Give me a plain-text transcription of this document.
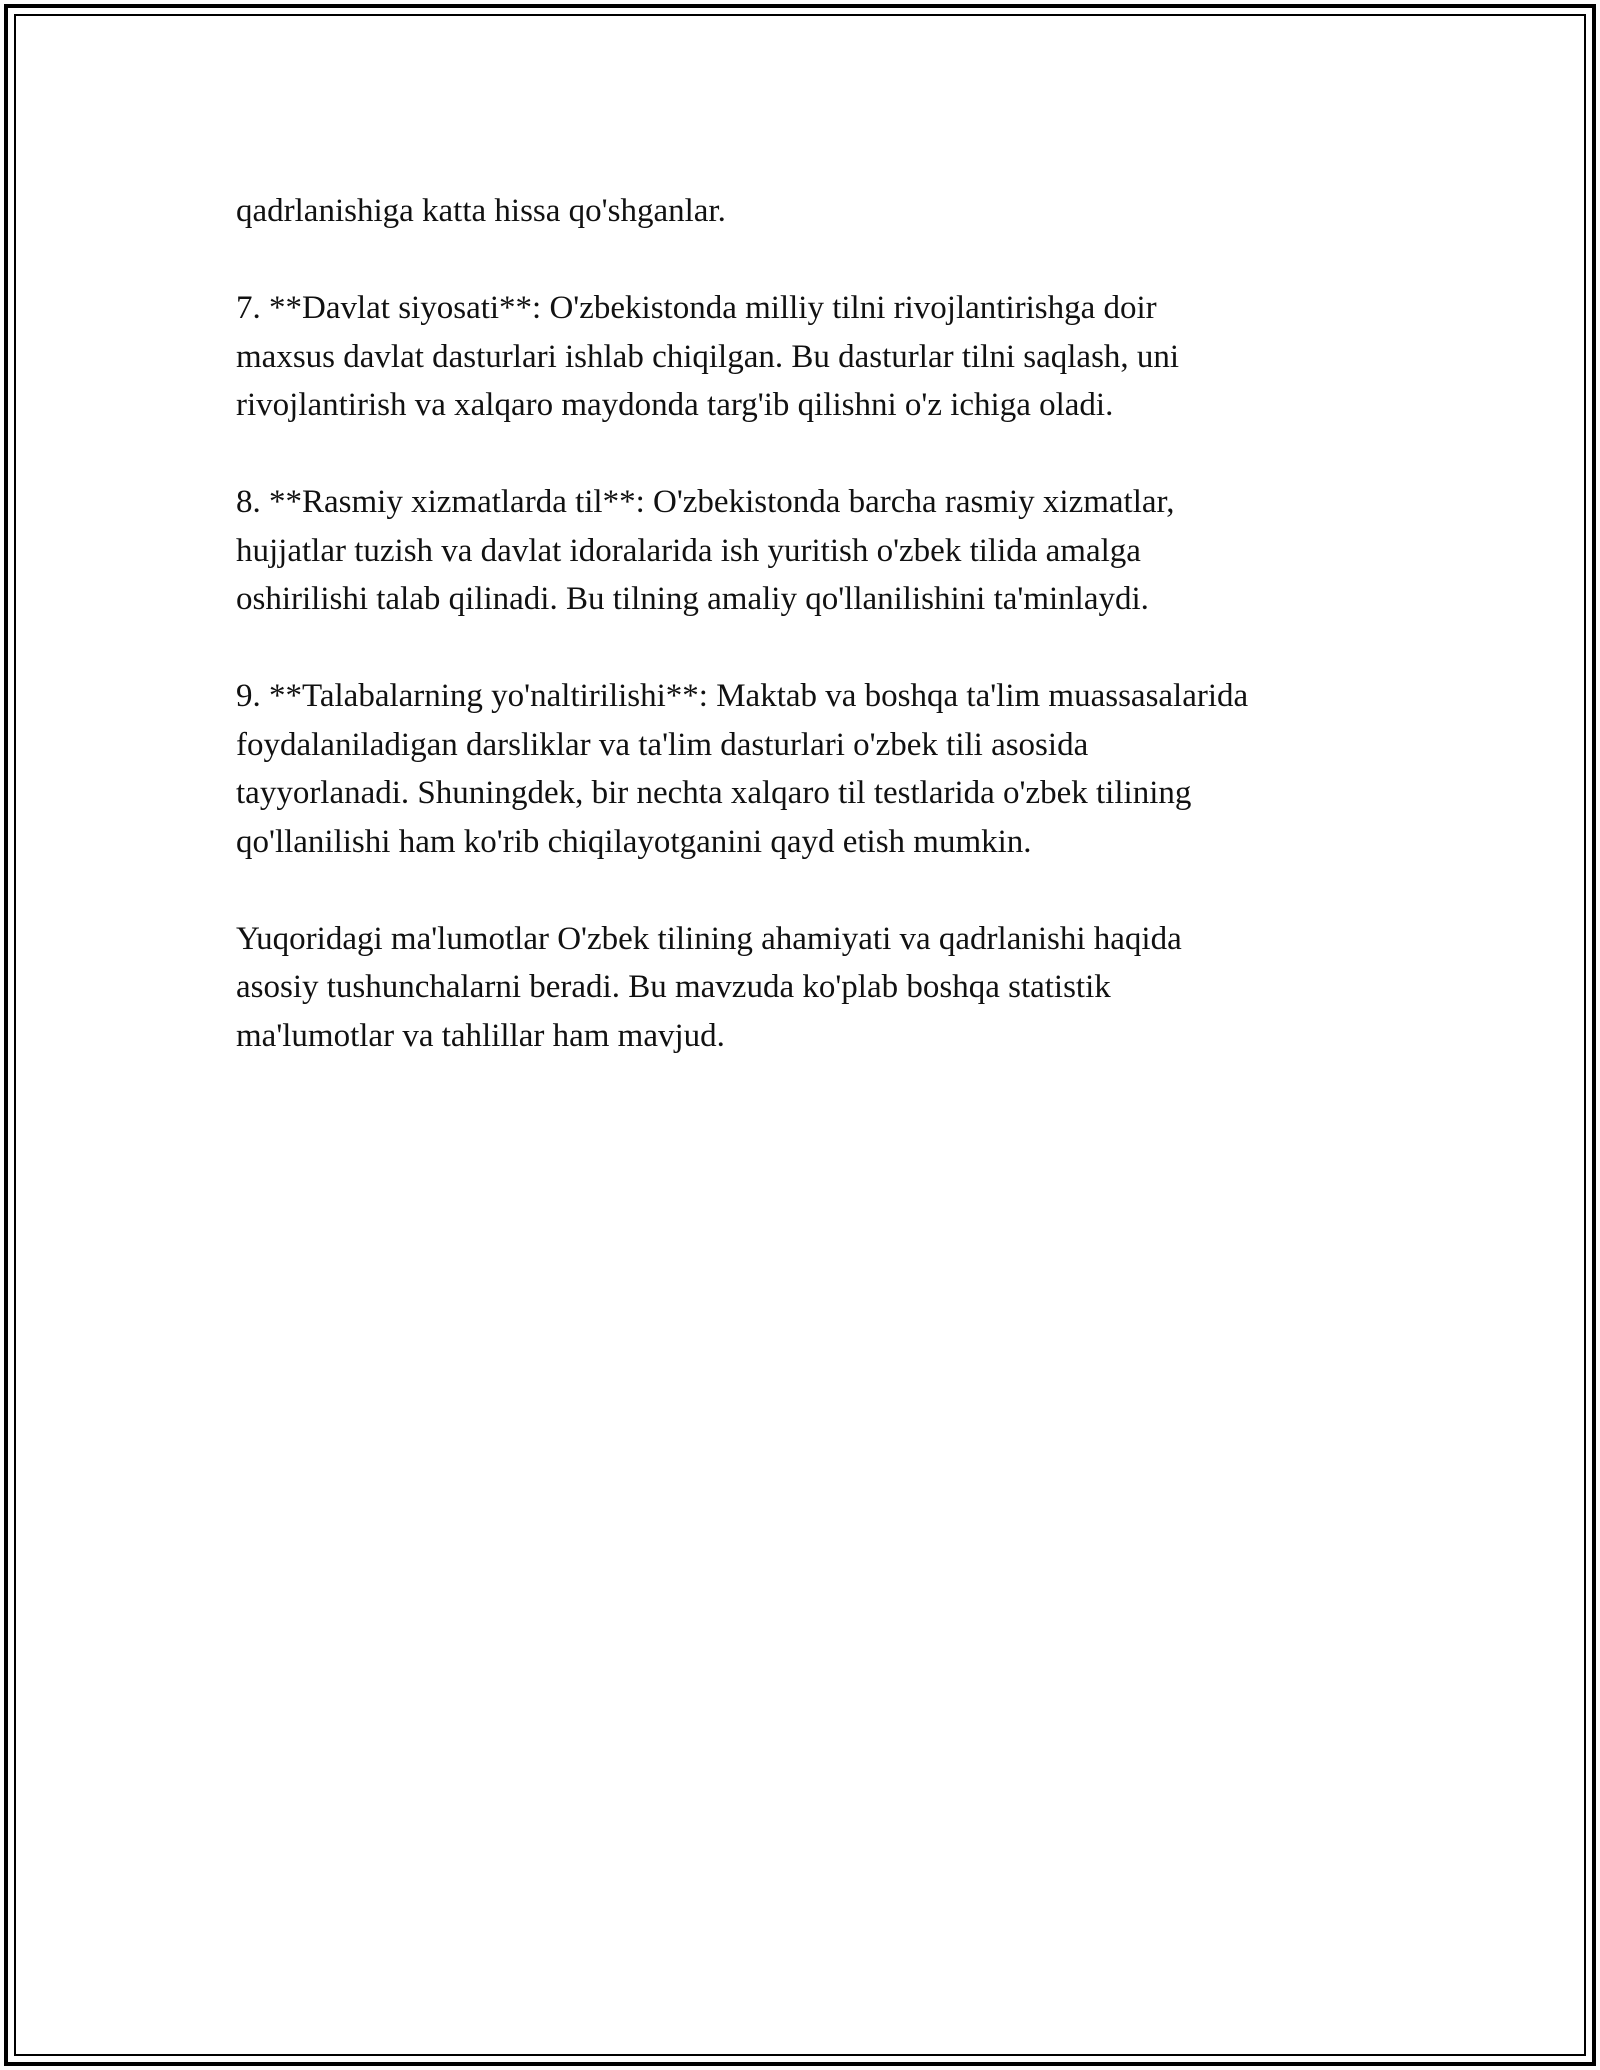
qadrlanishiga katta hissa qo'shganlar.

7. **Davlat siyosati**: O'zbekistonda milliy tilni rivojlantirishga doir
maxsus davlat dasturlari ishlab chiqilgan. Bu dasturlar tilni saqlash, uni
rivojlantirish va xalqaro maydonda targ'ib qilishni o'z ichiga oladi.

8. **Rasmiy xizmatlarda til**: O'zbekistonda barcha rasmiy xizmatlar,
hujjatlar tuzish va davlat idoralarida ish yuritish o'zbek tilida amalga
oshirilishi talab qilinadi. Bu tilning amaliy qo'llanilishini ta'minlaydi.

9. **Talabalarning yo'naltirilishi**: Maktab va boshqa ta'lim muassasalarida
foydalaniladigan darsliklar va ta'lim dasturlari o'zbek tili asosida
tayyorlanadi. Shuningdek, bir nechta xalqaro til testlarida o'zbek tilining
qo'llanilishi ham ko'rib chiqilayotganini qayd etish mumkin.

Yuqoridagi ma'lumotlar O'zbek tilining ahamiyati va qadrlanishi haqida
asosiy tushunchalarni beradi. Bu mavzuda ko'plab boshqa statistik
ma'lumotlar va tahlillar ham mavjud.
